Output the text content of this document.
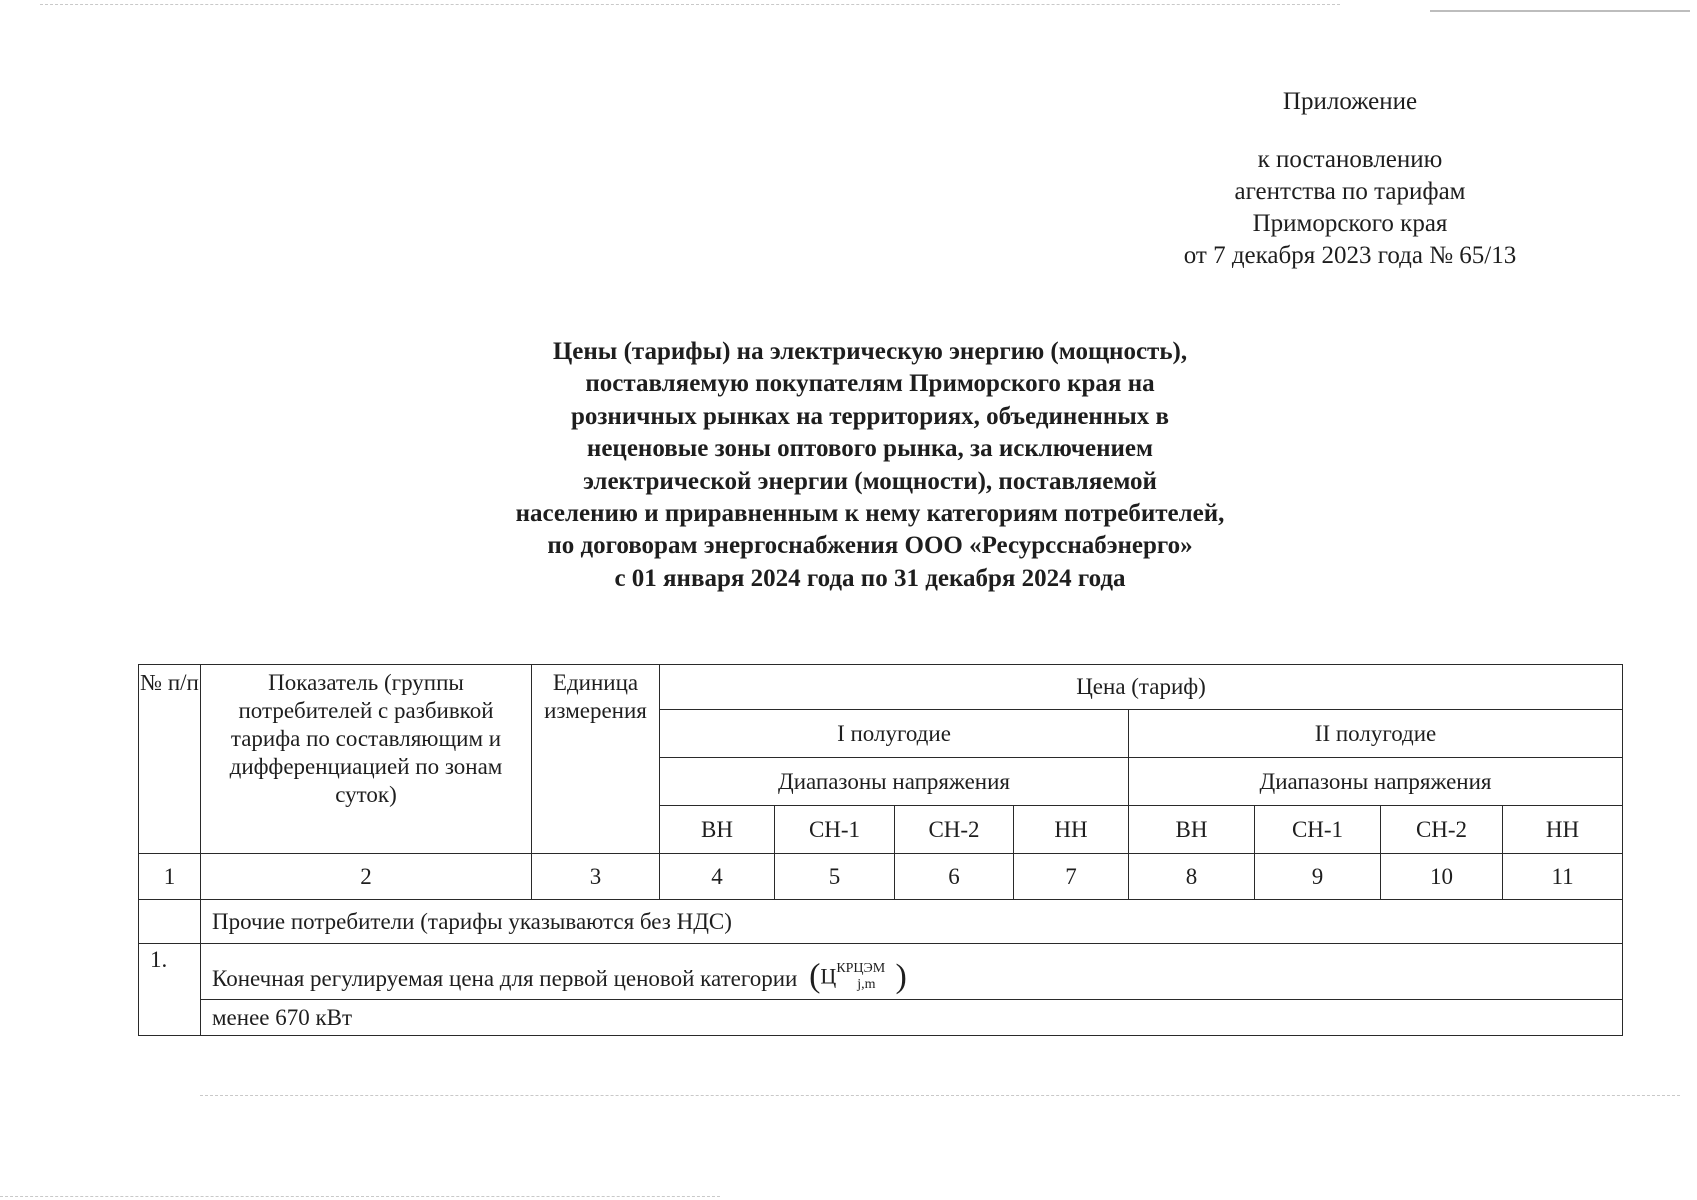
Приложение
к постановлению
агентства по тарифам
Приморского края
от 7 декабря 2023 года № 65/13
Цены (тарифы) на электрическую энергию (мощность),
поставляемую покупателям Приморского края на
розничных рынках на территориях, объединенных в
неценовые зоны оптового рынка, за исключением
электрической энергии (мощности), поставляемой
населению и приравненным к нему категориям потребителей,
по договорам энергоснабжения ООО «Ресурсснабэнерго»
с 01 января 2024 года по 31 декабря 2024 года
№ п/п	Показатель (группы потребителей с разбивкой тарифа по составляющим и дифференциацией по зонам суток)	Единица измерения	Цена (тариф)							
			I полугодие				II полугодие			
			Диапазоны напряжения				Диапазоны напряжения			
			ВН	СН-1	СН-2	НН	ВН	СН-1	СН-2	НН
1	2	3	4	5	6	7	8	9	10	11
	Прочие потребители (тарифы указываются без НДС)									
1.	Конечная регулируемая цена для первой ценовой категории ($Ц^{КРЦЭМ}_{j,m}$ )									
	менее 670 кВт									
